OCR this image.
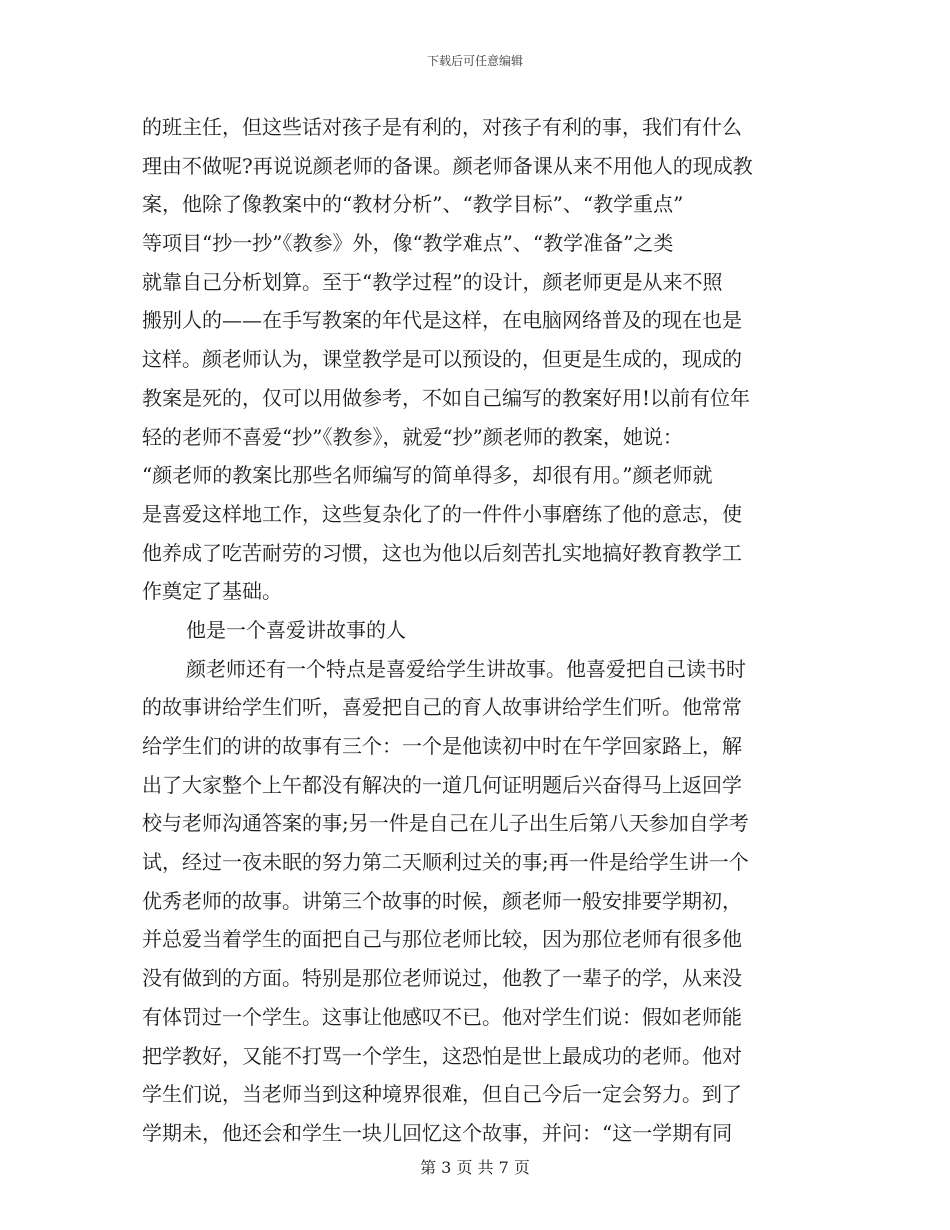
下载后可任意编辑
的班主任，但这些话对孩子是有利的，对孩子有利的事，我们有什么
理由不做呢?再说说颜老师的备课。颜老师备课从来不用他人的现成教
案，他除了像教案中的“教材分析”、“教学目标”、“教学重点”
等项目“抄一抄”《教参》外，像“教学难点”、“教学准备”之类
就靠自己分析划算。至于“教学过程”的设计，颜老师更是从来不照
搬别人的——在手写教案的年代是这样，在电脑网络普及的现在也是
这样。颜老师认为，课堂教学是可以预设的，但更是生成的，现成的
教案是死的，仅可以用做参考，不如自己编写的教案好用!以前有位年
轻的老师不喜爱“抄”《教参》，就爱“抄”颜老师的教案，她说：
“颜老师的教案比那些名师编写的简单得多，却很有用。”颜老师就
是喜爱这样地工作，这些复杂化了的一件件小事磨练了他的意志，使
他养成了吃苦耐劳的习惯，这也为他以后刻苦扎实地搞好教育教学工
作奠定了基础。
他是一个喜爱讲故事的人
颜老师还有一个特点是喜爱给学生讲故事。他喜爱把自己读书时
的故事讲给学生们听，喜爱把自己的育人故事讲给学生们听。他常常
给学生们的讲的故事有三个：一个是他读初中时在午学回家路上，解
出了大家整个上午都没有解决的一道几何证明题后兴奋得马上返回学
校与老师沟通答案的事;另一件是自己在儿子出生后第八天参加自学考
试，经过一夜未眠的努力第二天顺利过关的事;再一件是给学生讲一个
优秀老师的故事。讲第三个故事的时候，颜老师一般安排要学期初，
并总爱当着学生的面把自己与那位老师比较，因为那位老师有很多他
没有做到的方面。特别是那位老师说过，他教了一辈子的学，从来没
有体罚过一个学生。这事让他感叹不已。他对学生们说：假如老师能
把学教好，又能不打骂一个学生，这恐怕是世上最成功的老师。他对
学生们说，当老师当到这种境界很难，但自己今后一定会努力。到了
学期未，他还会和学生一块儿回忆这个故事，并问：“这一学期有同
第 3 页 共 7 页
